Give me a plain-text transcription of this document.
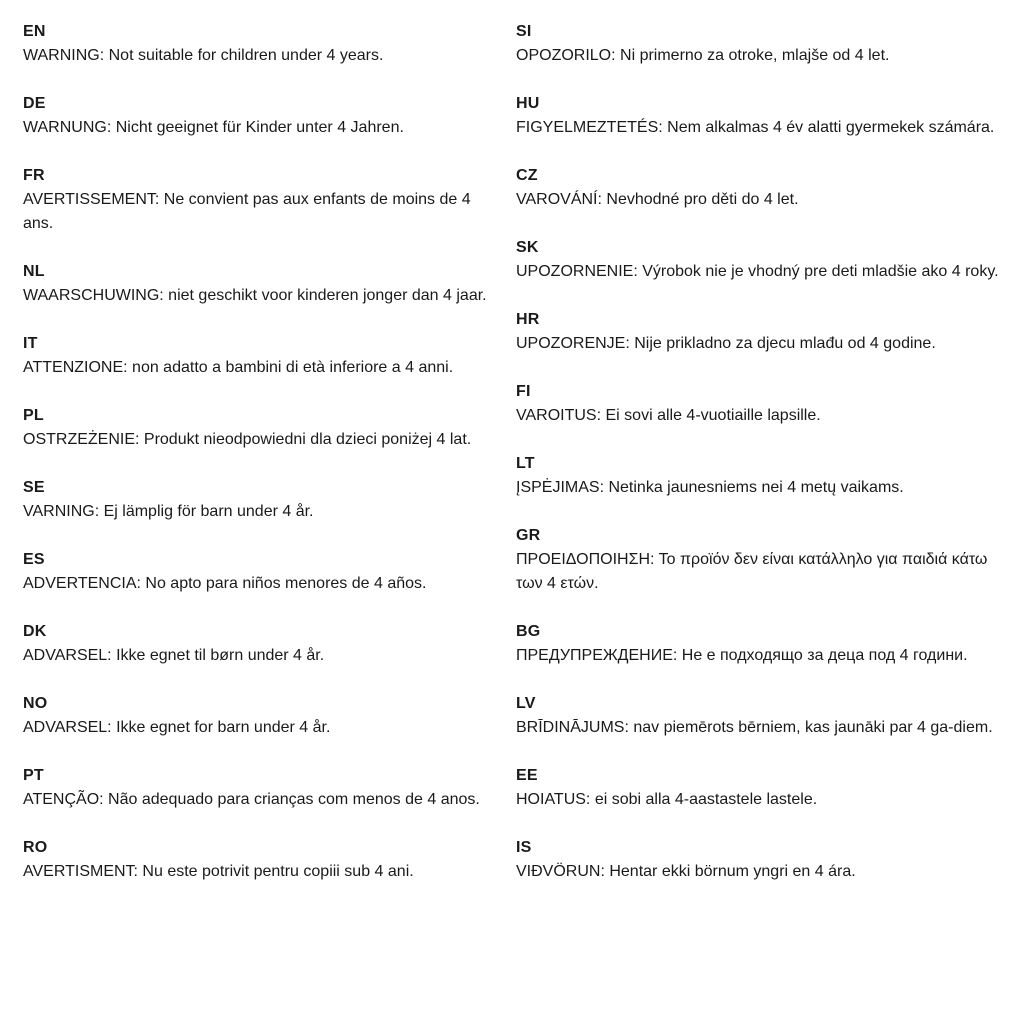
EN
WARNING: Not suitable for children under 4 years.
DE
WARNUNG: Nicht geeignet für Kinder unter 4 Jahren.
FR
AVERTISSEMENT: Ne convient pas aux enfants de moins de 4 ans.
NL
WAARSCHUWING: niet geschikt voor kinderen jonger dan 4 jaar.
IT
ATTENZIONE: non adatto a bambini di età inferiore a 4 anni.
PL
OSTRZEŻENIE: Produkt nieodpowiedni dla dzieci poniżej 4 lat.
SE
VARNING: Ej lämplig för barn under 4 år.
ES
ADVERTENCIA: No apto para niños menores de 4 años.
DK
ADVARSEL: Ikke egnet til børn under 4 år.
NO
ADVARSEL: Ikke egnet for barn under 4 år.
PT
ATENÇÃO: Não adequado para crianças com menos de 4 anos.
RO
AVERTISMENT: Nu este potrivit pentru copiii sub 4 ani.
SI
OPOZORILO: Ni primerno za otroke, mlajše od 4 let.
HU
FIGYELMEZTETÉS: Nem alkalmas 4 év alatti gyermekek számára.
CZ
VAROVÁNÍ: Nevhodné pro děti do 4 let.
SK
UPOZORNENIE: Výrobok nie je vhodný pre deti mladšie ako 4 roky.
HR
UPOZORENJE: Nije prikladno za djecu mlađu od 4 godine.
FI
VAROITUS: Ei sovi alle 4-vuotiaille lapsille.
LT
ĮSPĖJIMAS: Netinka jaunesniems nei 4 metų vaikams.
GR
ΠΡΟΕΙΔΟΠΟΙΗΣΗ: Το προϊόν δεν είναι κατάλληλο για παιδιά κάτω των 4 ετών.
BG
ПРЕДУПРЕЖДЕНИЕ: Не е подходящо за деца под 4 години.
LV
BRĪDINĀJUMS: nav piemērots bērniem, kas jaunāki par 4 ga-diem.
EE
HOIATUS: ei sobi alla 4-aastastele lastele.
IS
VIÐVÖRUN: Hentar ekki börnum yngri en 4 ára.
